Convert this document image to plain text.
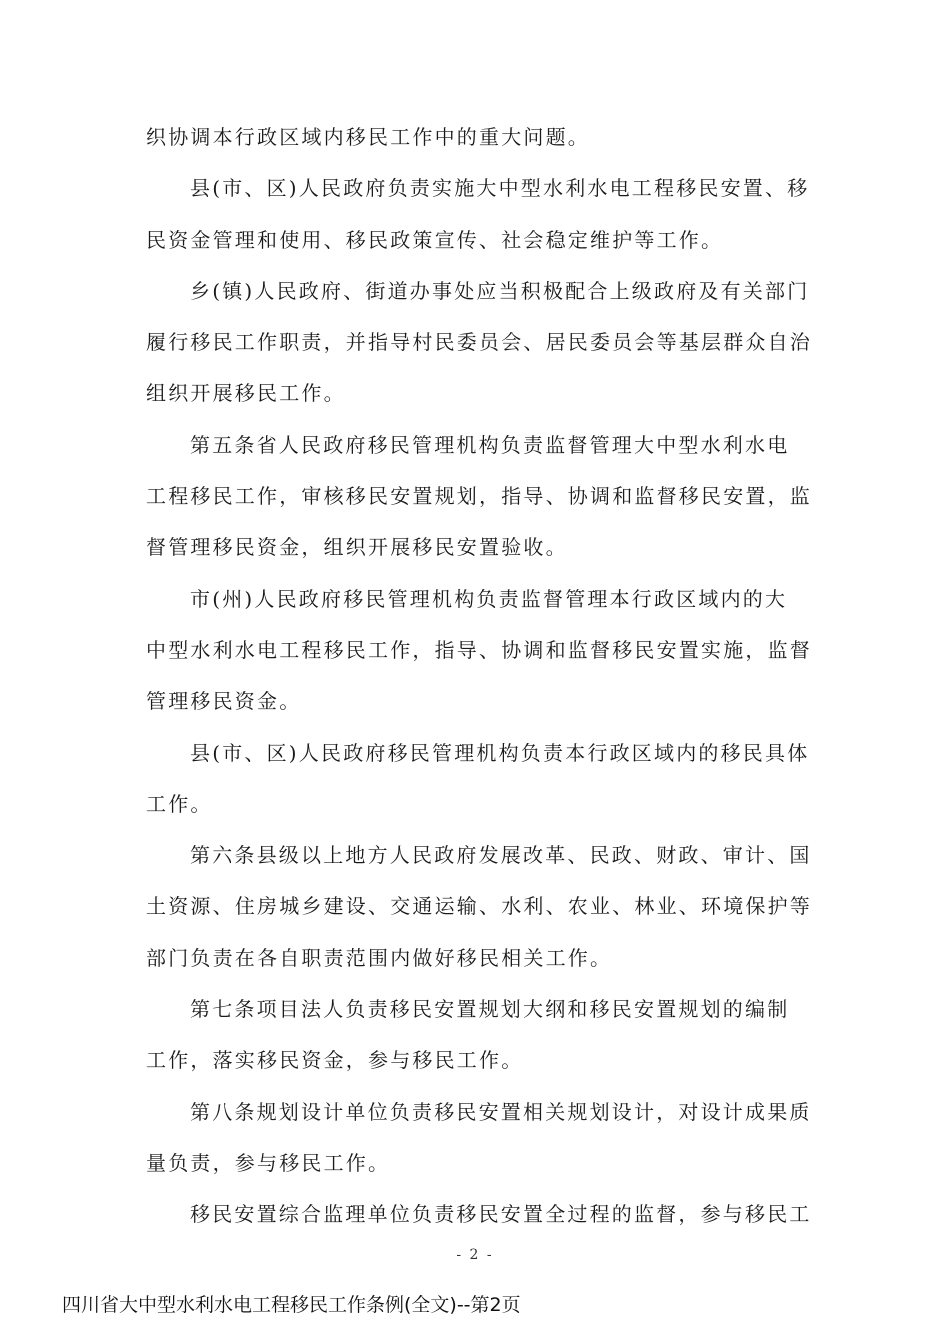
织协调本行政区域内移民工作中的重大问题。
县(市、区)人民政府负责实施大中型水利水电工程移民安置、移
民资金管理和使用、移民政策宣传、社会稳定维护等工作。
乡(镇)人民政府、街道办事处应当积极配合上级政府及有关部门
履行移民工作职责，并指导村民委员会、居民委员会等基层群众自治
组织开展移民工作。
第五条省人民政府移民管理机构负责监督管理大中型水利水电
工程移民工作，审核移民安置规划，指导、协调和监督移民安置，监
督管理移民资金，组织开展移民安置验收。
市(州)人民政府移民管理机构负责监督管理本行政区域内的大
中型水利水电工程移民工作，指导、协调和监督移民安置实施，监督
管理移民资金。
县(市、区)人民政府移民管理机构负责本行政区域内的移民具体
工作。
第六条县级以上地方人民政府发展改革、民政、财政、审计、国
土资源、住房城乡建设、交通运输、水利、农业、林业、环境保护等
部门负责在各自职责范围内做好移民相关工作。
第七条项目法人负责移民安置规划大纲和移民安置规划的编制
工作，落实移民资金，参与移民工作。
第八条规划设计单位负责移民安置相关规划设计，对设计成果质
量负责，参与移民工作。
移民安置综合监理单位负责移民安置全过程的监督，参与移民工
- 2 -
四川省大中型水利水电工程移民工作条例(全文)--第2页
